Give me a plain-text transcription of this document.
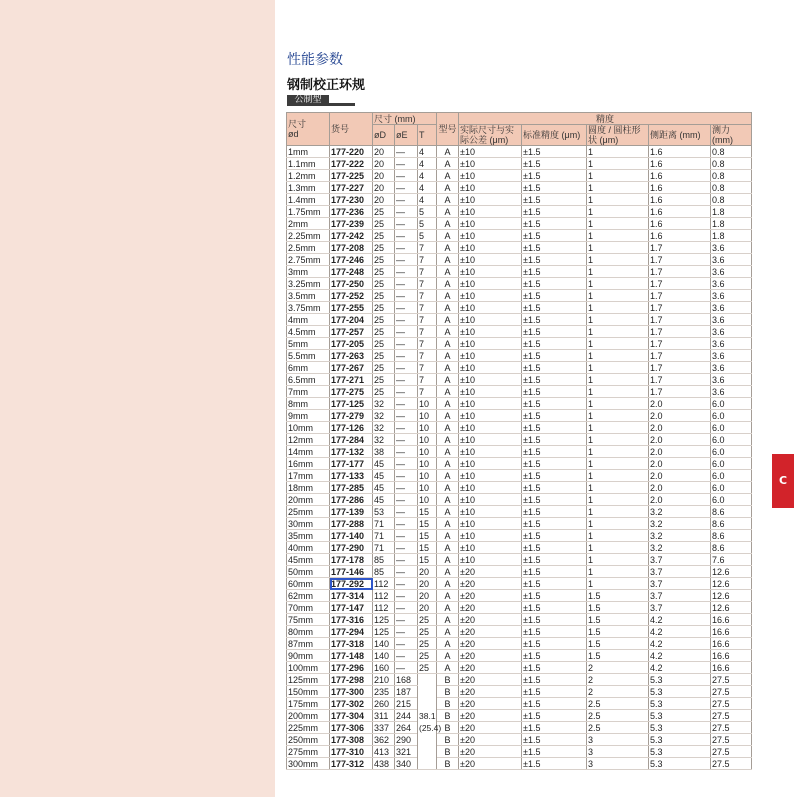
性能参数
钢制校正环规
公制型
C
尺寸
ød	货号	尺寸 (mm)			型号	精度				
		øD	øE	T		实际尺寸与实际公差 (μm)	标准精度 (μm)	圆度 / 圆柱形状 (μm)	侧距离 (mm)	测力 (mm)

1mm	177-220	20	—	4	A	±10	±1.5	1	1.6	0.8
1.1mm	177-222	20	—	4	A	±10	±1.5	1	1.6	0.8
1.2mm	177-225	20	—	4	A	±10	±1.5	1	1.6	0.8
1.3mm	177-227	20	—	4	A	±10	±1.5	1	1.6	0.8
1.4mm	177-230	20	—	4	A	±10	±1.5	1	1.6	0.8
1.75mm	177-236	25	—	5	A	±10	±1.5	1	1.6	1.8
2mm	177-239	25	—	5	A	±10	±1.5	1	1.6	1.8
2.25mm	177-242	25	—	5	A	±10	±1.5	1	1.6	1.8
2.5mm	177-208	25	—	7	A	±10	±1.5	1	1.7	3.6
2.75mm	177-246	25	—	7	A	±10	±1.5	1	1.7	3.6
3mm	177-248	25	—	7	A	±10	±1.5	1	1.7	3.6
3.25mm	177-250	25	—	7	A	±10	±1.5	1	1.7	3.6
3.5mm	177-252	25	—	7	A	±10	±1.5	1	1.7	3.6
3.75mm	177-255	25	—	7	A	±10	±1.5	1	1.7	3.6
4mm	177-204	25	—	7	A	±10	±1.5	1	1.7	3.6
4.5mm	177-257	25	—	7	A	±10	±1.5	1	1.7	3.6
5mm	177-205	25	—	7	A	±10	±1.5	1	1.7	3.6
5.5mm	177-263	25	—	7	A	±10	±1.5	1	1.7	3.6
6mm	177-267	25	—	7	A	±10	±1.5	1	1.7	3.6
6.5mm	177-271	25	—	7	A	±10	±1.5	1	1.7	3.6
7mm	177-275	25	—	7	A	±10	±1.5	1	1.7	3.6
8mm	177-125	32	—	10	A	±10	±1.5	1	2.0	6.0
9mm	177-279	32	—	10	A	±10	±1.5	1	2.0	6.0
10mm	177-126	32	—	10	A	±10	±1.5	1	2.0	6.0
12mm	177-284	32	—	10	A	±10	±1.5	1	2.0	6.0
14mm	177-132	38	—	10	A	±10	±1.5	1	2.0	6.0
16mm	177-177	45	—	10	A	±10	±1.5	1	2.0	6.0
17mm	177-133	45	—	10	A	±10	±1.5	1	2.0	6.0
18mm	177-285	45	—	10	A	±10	±1.5	1	2.0	6.0
20mm	177-286	45	—	10	A	±10	±1.5	1	2.0	6.0
25mm	177-139	53	—	15	A	±10	±1.5	1	3.2	8.6
30mm	177-288	71	—	15	A	±10	±1.5	1	3.2	8.6
35mm	177-140	71	—	15	A	±10	±1.5	1	3.2	8.6
40mm	177-290	71	—	15	A	±10	±1.5	1	3.2	8.6
45mm	177-178	85	—	15	A	±10	±1.5	1	3.7	7.6
50mm	177-146	85	—	20	A	±20	±1.5	1	3.7	12.6
60mm	177-292	112	—	20	A	±20	±1.5	1	3.7	12.6
62mm	177-314	112	—	20	A	±20	±1.5	1.5	3.7	12.6
70mm	177-147	112	—	20	A	±20	±1.5	1.5	3.7	12.6
75mm	177-316	125	—	25	A	±20	±1.5	1.5	4.2	16.6
80mm	177-294	125	—	25	A	±20	±1.5	1.5	4.2	16.6
87mm	177-318	140	—	25	A	±20	±1.5	1.5	4.2	16.6
90mm	177-148	140	—	25	A	±20	±1.5	1.5	4.2	16.6
100mm	177-296	160	—	25	A	±20	±1.5	2	4.2	16.6
125mm	177-298	210	168	38.1 (25.4)	B	±20	±1.5	2	5.3	27.5
150mm	177-300	235	187		B	±20	±1.5	2	5.3	27.5
175mm	177-302	260	215		B	±20	±1.5	2.5	5.3	27.5
200mm	177-304	311	244		B	±20	±1.5	2.5	5.3	27.5
225mm	177-306	337	264		B	±20	±1.5	2.5	5.3	27.5
250mm	177-308	362	290		B	±20	±1.5	3	5.3	27.5
275mm	177-310	413	321		B	±20	±1.5	3	5.3	27.5
300mm	177-312	438	340		B	±20	±1.5	3	5.3	27.5
